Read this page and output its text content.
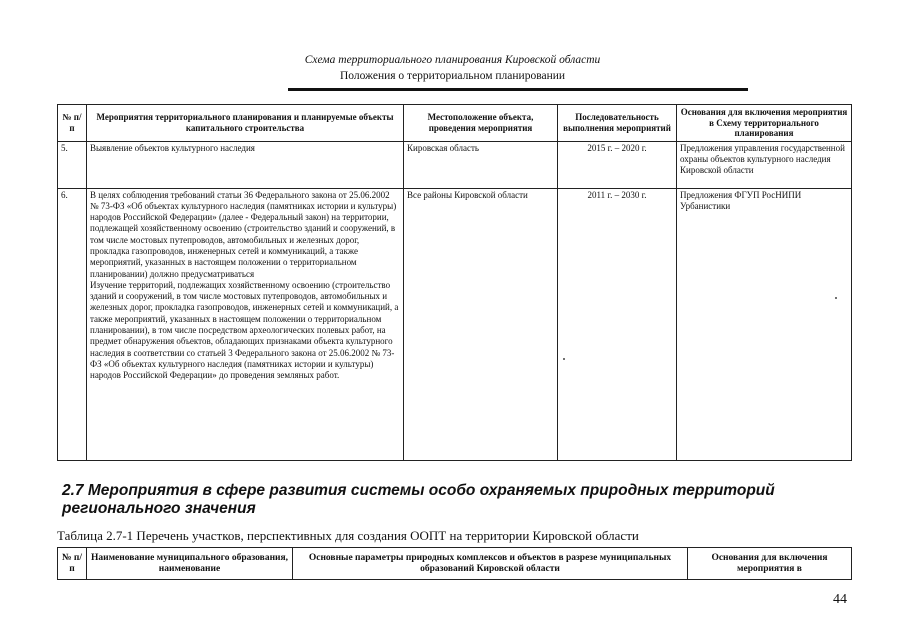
Схема территориального планирования Кировской области
Положения о территориальном планировании
№ п/п	Мероприятия территориального планирования и планируемые объекты капитального строительства	Местоположение объекта, проведения мероприятия	Последовательность выполнения мероприятий	Основания для включения мероприятия в Схему территориального планирования
5.	Выявление объектов культурного наследия	Кировская область	2015 г. – 2020 г.	Предложения управления государственной охраны объектов культурного наследия Кировской области
6.	В целях соблюдения требований статьи 36 Федерального закона от 25.06.2002 № 73-ФЗ «Об объектах культурного наследия (памятниках истории и культуры) народов Российской Федерации» (далее - Федеральный закон) на территории, подлежащей хозяйственному освоению (строительство зданий и сооружений, в том числе мостовых путепроводов, автомобильных и железных дорог, прокладка газопроводов, инженерных сетей и коммуникаций, а также мероприятий, указанных в настоящем положении о территориальном планировании) должно предусматриваться
Изучение территорий, подлежащих хозяйственному освоению (строительство зданий и сооружений, в том числе мостовых путепроводов, автомобильных и железных дорог, прокладка газопроводов, инженерных сетей и коммуникаций, а также мероприятий, указанных в настоящем положении о территориальном планировании), в том числе посредством археологических полевых работ, на предмет обнаружения объектов, обладающих признаками объекта культурного наследия в соответствии со статьей 3 Федерального закона от 25.06.2002 № 73-ФЗ «Об объектах культурного наследия (памятниках истории и культуры) народов Российской Федерации» до проведения земляных работ.	Все районы Кировской области	2011 г. – 2030 г.	Предложения ФГУП РосНИПИ Урбанистики
2.7 Мероприятия в сфере развития системы особо охраняемых природных территорий регионального значения
Таблица 2.7-1 Перечень участков, перспективных для создания ООПТ на территории Кировской области
№ п/п	Наименование муниципального образования, наименование	Основные параметры природных комплексов и объектов в разрезе муниципальных образований Кировской области	Основания для включения мероприятия в
44
